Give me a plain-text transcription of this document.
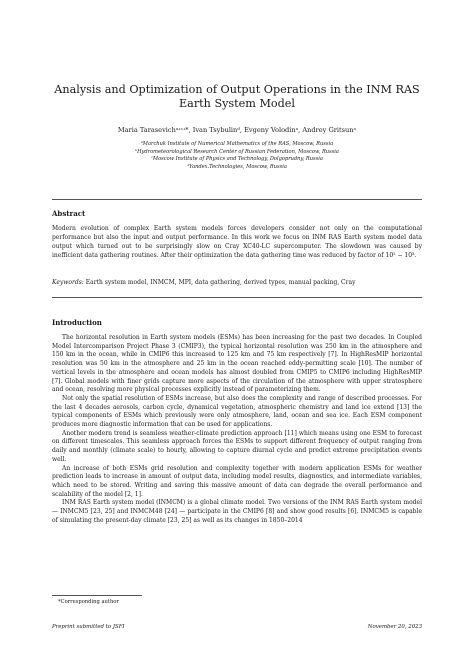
Analysis and Optimization of Output Operations in the INM RAS Earth System Model
Maria Tarasevichᵃʴᶜʴ*, Ivan Tsybulinᵈ, Evgeny Volodinᵃ, Andrey Gritsunᵃ
ᵃMarchuk Institute of Numerical Mathematics of the RAS, Moscow, Russia
ᵇHydrometeorological Research Center of Russian Federation, Moscow, Russia
ᶜMoscow Institute of Physics and Technology, Dolgoprudny, Russia
ᵈYandex.Technologies, Moscow, Russia
Abstract
Modern evolution of complex Earth system models forces developers consider not only on the computational performance but also the input and output performance. In this work we focus on INM RAS Earth system model data output which turned out to be surprisingly slow on Cray XC40-LC supercomputer. The slowdown was caused by inefficient data gathering routines. After their optimization the data gathering time was reduced by factor of 10² − 10³.
Keywords: Earth system model, INMCM, MPI, data gathering, derived types, manual packing, Cray
Introduction

The horizontal resolution in Earth system models (ESMs) has been increasing for the past two decades. In Coupled Model Intercomparison Project Phase 3 (CMIP3), the typical horizontal resolution was 250 km in the atmosphere and 150 km in the ocean, while in CMIP6 this increased to 125 km and 75 km respectively [7]. In HighResMIP horizontal resolution was 50 km in the atmosphere and 25 km in the ocean reached eddy-permitting scale [10]. The number of vertical levels in the atmosphere and ocean models has almost doubled from CMIP5 to CMIP6 including HighResMIP [7]. Global models with finer grids capture more aspects of the circulation of the atmosphere with upper stratosphere and ocean, resolving more physical processes explicitly instead of parameterizing them.

Not only the spatial resolution of ESMs increase, but also does the complexity and range of described processes. For the last 4 decades aerosols, carbon cycle, dynamical vegetation, atmospheric chemistry and land ice extend [13] the typical components of ESMs which previously were only atmosphere, land, ocean and sea ice. Each ESM component produces more diagnostic information that can be used for applications.

Another modern trend is seamless weather-climate prediction approach [11] which means using one ESM to forecast on different timescales. This seamless approach forces the ESMs to support different frequency of output ranging from daily and monthly (climate scale) to hourly, allowing to capture diurnal cycle and predict extreme precipitation events well.

An increase of both ESMs grid resolution and complexity together with modern application ESMs for weather prediction leads to increase in amount of output data, including model results, diagnostics, and intermediate variables, which need to be stored. Writing and saving this massive amount of data can degrade the overall performance and scalability of the model [2, 1].

INM RAS Earth system model (INMCM) is a global climate model. Two versions of the INM RAS Earth system model — INMCM5 [23, 25] and INMCM48 [24] — participate in the CMIP6 [8] and show good results [6]. INMCM5 is capable of simulating the present-day climate [23, 25] as well as its changes in 1850–2014

*Corresponding author
Preprint submitted to JSFI	November 20, 2023
